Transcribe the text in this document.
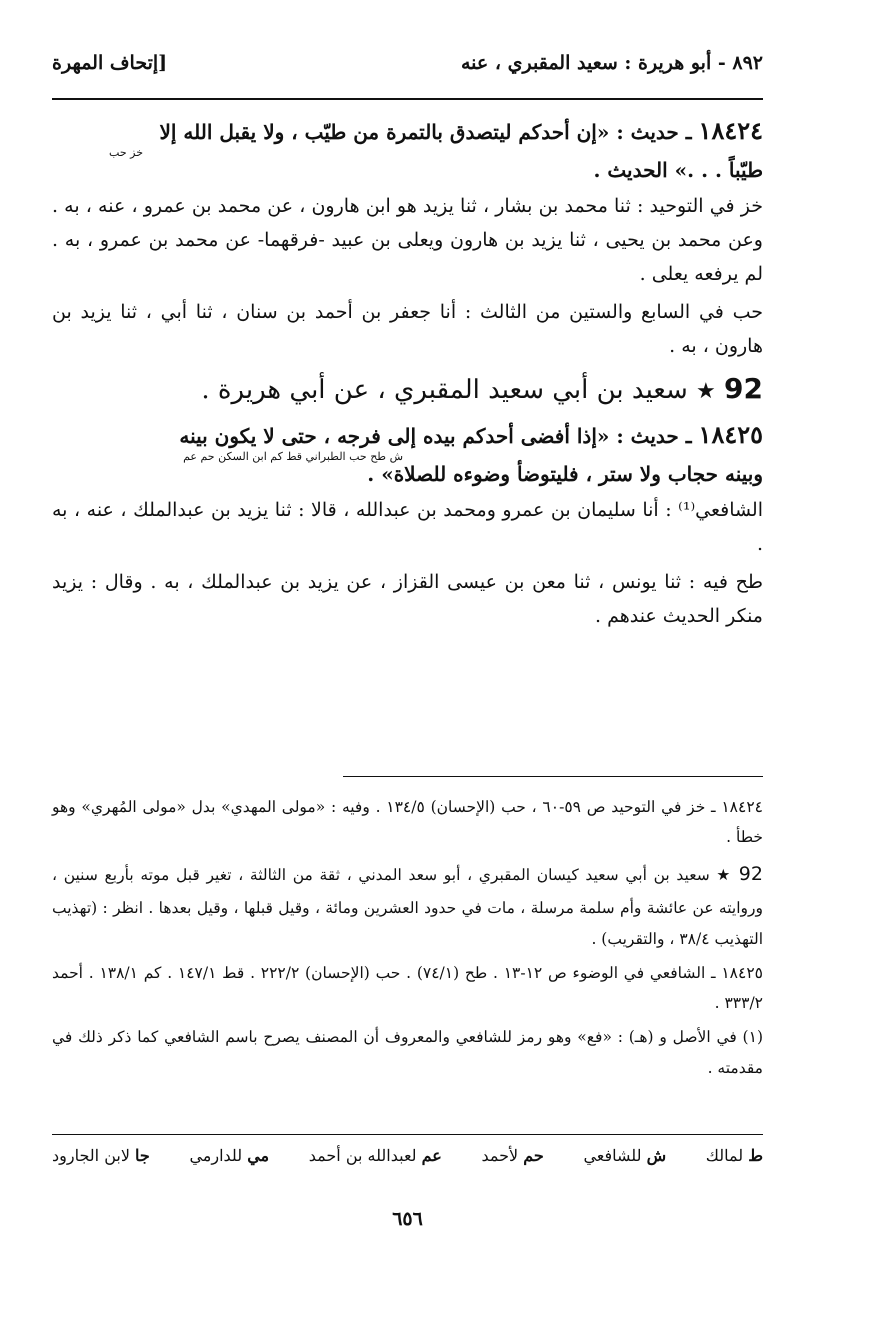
٨٩٢ - أبو هريرة : سعيد المقبري ، عنه
[إتحاف المهرة

١٨٤٢٤ ـ حديث : «إن أحدكم ليتصدق بالتمرة من طيّب ، ولا يقبل الله إلا
خز حب
طيّباً . . .» الحديث .

خز في التوحيد : ثنا محمد بن بشار ، ثنا يزيد هو ابن هارون ، عن محمد بن عمرو ، عنه ، به . وعن محمد بن يحيى ، ثنا يزيد بن هارون ويعلى بن عبيد -فرقهما- عن محمد بن عمرو ، به . لم يرفعه يعلى .

حب في السابع والستين من الثالث : أنا جعفر بن أحمد بن سنان ، ثنا أبي ، ثنا يزيد بن هارون ، به .

92 ★ سعيد بن أبي سعيد المقبري ، عن أبي هريرة .

١٨٤٢٥ ـ حديث : «إذا أفضى أحدكم بيده إلى فرجه ، حتى لا يكون بينه
ش طح حب الطبراني قط كم ابن السكن حم عم
وبينه حجاب ولا ستر ، فليتوضأ وضوءه للصلاة» .

الشافعي⁽¹⁾ : أنا سليمان بن عمرو ومحمد بن عبدالله ، قالا : ثنا يزيد بن عبدالملك ، عنه ، به .

طح فيه : ثنا يونس ، ثنا معن بن عيسى القزاز ، عن يزيد بن عبدالملك ، به . وقال : يزيد منكر الحديث عندهم .

١٨٤٢٤ ـ خز في التوحيد ص ٥٩-٦٠ ، حب (الإحسان) ١٣٤/٥ . وفيه : «مولى المهدي» بدل «مولى المُهري» وهو خطأ .

92 ★ سعيد بن أبي سعيد كيسان المقبري ، أبو سعد المدني ، ثقة من الثالثة ، تغير قبل موته بأربع سنين ، وروايته عن عائشة وأم سلمة مرسلة ، مات في حدود العشرين ومائة ، وقيل قبلها ، وقيل بعدها . انظر : (تهذيب التهذيب ٣٨/٤ ، والتقريب) .

١٨٤٢٥ ـ الشافعي في الوضوء ص ١٢-١٣ . طح (٧٤/١) . حب (الإحسان) ٢٢٢/٢ . قط ١٤٧/١ . كم ١٣٨/١ . أحمد ٣٣٣/٢ .

(١) في الأصل و (هـ) : «فع» وهو رمز للشافعي والمعروف أن المصنف يصرح باسم الشافعي كما ذكر ذلك في مقدمته .

ط لمالك
ش للشافعي
حم لأحمد
عم لعبدالله بن أحمد
مي للدارمي
جا لابن الجارود
٦٥٦
